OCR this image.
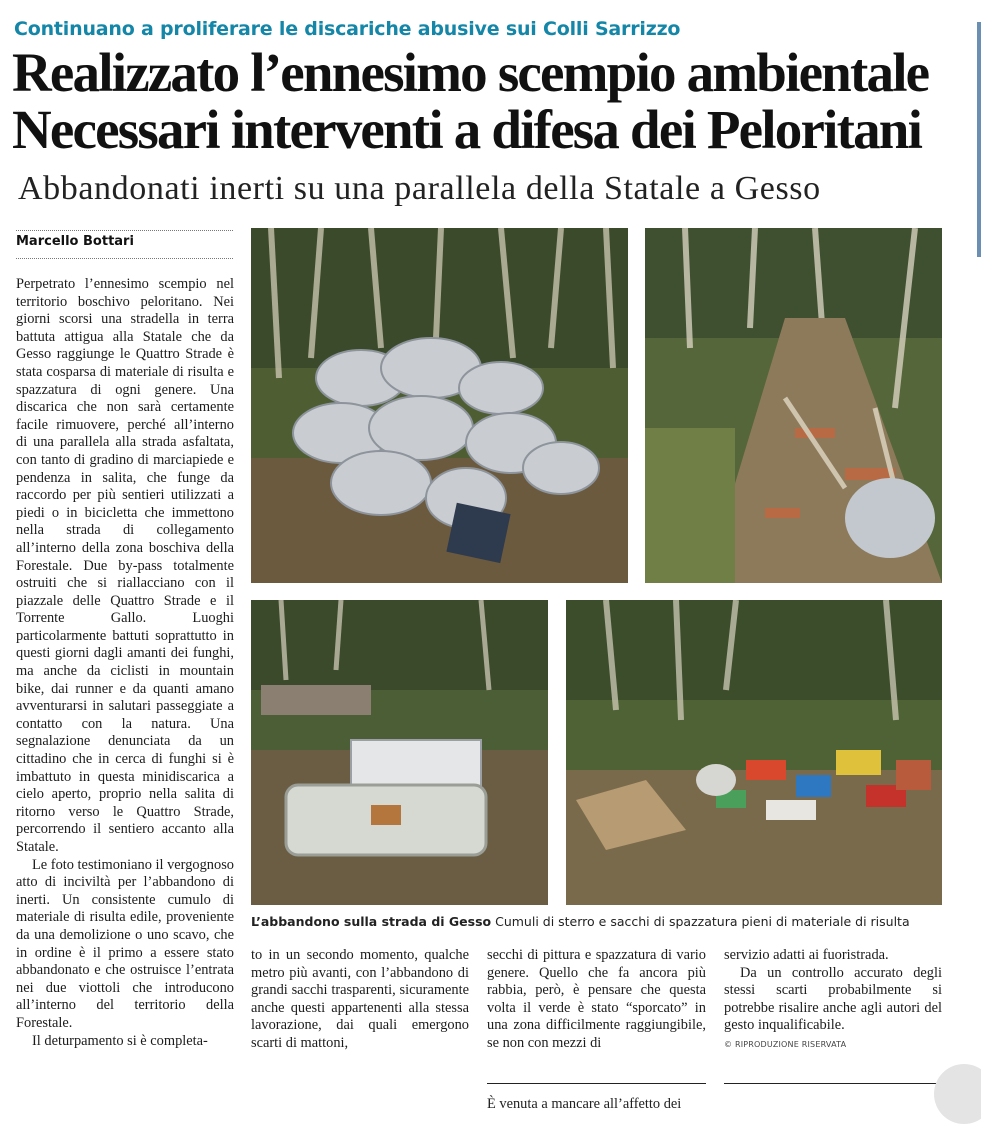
Continuano a proliferare le discariche abusive sui Colli Sarrizzo
Realizzato l’ennesimo scempio ambientale
Necessari interventi a difesa dei Peloritani
Abbandonati inerti su una parallela della Statale a Gesso
Marcello Bottari

Perpetrato l’ennesimo scempio nel territorio boschivo peloritano. Nei giorni scorsi una stradella in terra battuta attigua alla Statale che da Gesso raggiunge le Quattro Strade è stata cosparsa di materiale di risulta e spazzatura di ogni genere. Una discarica che non sarà certamente facile rimuovere, perché all’interno di una parallela alla strada asfaltata, con tanto di gradino di marciapiede e pendenza in salita, che funge da raccordo per più sentieri utilizzati a piedi o in bicicletta che immettono nella strada di collegamento all’interno della zona boschiva della Forestale. Due by-pass totalmente ostruiti che si riallacciano con il piazzale delle Quattro Strade e il Torrente Gallo. Luoghi particolarmente battuti soprattutto in questi giorni dagli amanti dei funghi, ma anche da ciclisti in mountain bike, dai runner e da quanti amano avventurarsi in salutari passeggiate a contatto con la natura. Una segnalazione denunciata da un cittadino che in cerca di funghi si è imbattuto in questa minidiscarica a cielo aperto, proprio nella salita di ritorno verso le Quattro Strade, percorrendo il sentiero accanto alla Statale.

Le foto testimoniano il vergognoso atto di inciviltà per l’abbandono di inerti. Un consistente cumulo di materiale di risulta edile, proveniente da una demolizione o uno scavo, che in ordine è il primo a essere stato abbandonato e che ostruisce l’entrata nei due viottoli che introducono all’interno del territorio della Forestale.

Il deturpamento si è completa-

L’abbandono sulla strada di Gesso Cumuli di sterro e sacchi di spazzatura pieni di materiale di risulta

to in un secondo momento, qualche metro più avanti, con l’abbandono di grandi sacchi trasparenti, sicuramente anche questi appartenenti alla stessa lavorazione, dai quali emergono scarti di mattoni,

secchi di pittura e spazzatura di vario genere. Quello che fa ancora più rabbia, però, è pensare che questa volta il verde è stato “sporcato” in una zona difficilmente raggiungibile, se non con mezzi di

servizio adatti ai fuoristrada.

Da un controllo accurato degli stessi scarti probabilmente si potrebbe risalire anche agli autori del gesto inqualificabile.

© RIPRODUZIONE RISERVATA
È venuta a mancare all’affetto dei
